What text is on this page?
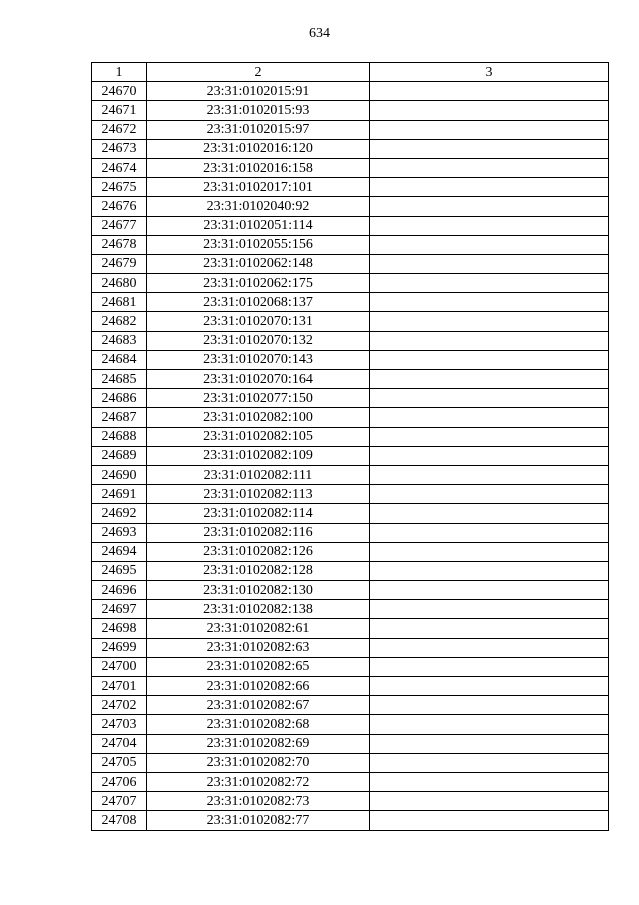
634
1	2	3
24670	23:31:0102015:91	
24671	23:31:0102015:93	
24672	23:31:0102015:97	
24673	23:31:0102016:120	
24674	23:31:0102016:158	
24675	23:31:0102017:101	
24676	23:31:0102040:92	
24677	23:31:0102051:114	
24678	23:31:0102055:156	
24679	23:31:0102062:148	
24680	23:31:0102062:175	
24681	23:31:0102068:137	
24682	23:31:0102070:131	
24683	23:31:0102070:132	
24684	23:31:0102070:143	
24685	23:31:0102070:164	
24686	23:31:0102077:150	
24687	23:31:0102082:100	
24688	23:31:0102082:105	
24689	23:31:0102082:109	
24690	23:31:0102082:111	
24691	23:31:0102082:113	
24692	23:31:0102082:114	
24693	23:31:0102082:116	
24694	23:31:0102082:126	
24695	23:31:0102082:128	
24696	23:31:0102082:130	
24697	23:31:0102082:138	
24698	23:31:0102082:61	
24699	23:31:0102082:63	
24700	23:31:0102082:65	
24701	23:31:0102082:66	
24702	23:31:0102082:67	
24703	23:31:0102082:68	
24704	23:31:0102082:69	
24705	23:31:0102082:70	
24706	23:31:0102082:72	
24707	23:31:0102082:73	
24708	23:31:0102082:77	
